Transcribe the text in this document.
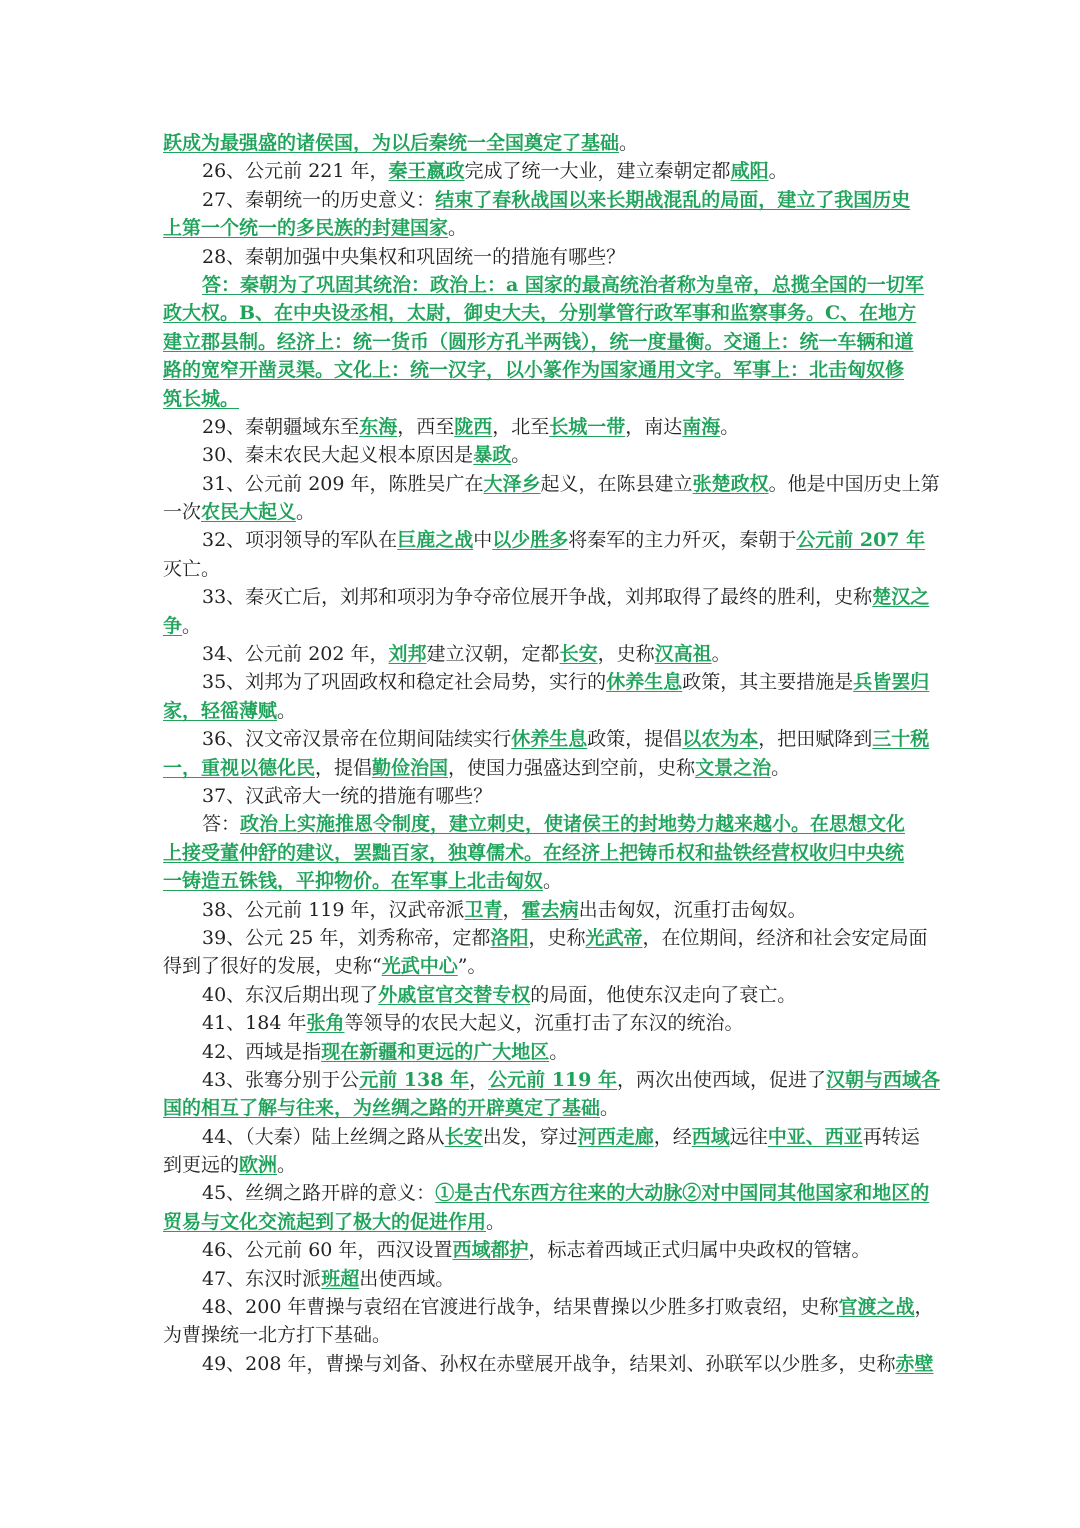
跃成为最强盛的诸侯国，为以后秦统一全国奠定了基础。
26、公元前 221 年，秦王嬴政完成了统一大业，建立秦朝定都咸阳。
27、秦朝统一的历史意义：结束了春秋战国以来长期战混乱的局面，建立了我国历史
上第一个统一的多民族的封建国家。
28、秦朝加强中央集权和巩固统一的措施有哪些？
答：秦朝为了巩固其统治：政治上：a 国家的最高统治者称为皇帝，总揽全国的一切军
政大权。B、在中央设丞相，太尉，御史大夫，分别掌管行政军事和监察事务。C、在地方
建立郡县制。经济上：统一货币（圆形方孔半两钱），统一度量衡。交通上：统一车辆和道
路的宽窄开凿灵渠。文化上：统一汉字，以小篆作为国家通用文字。军事上：北击匈奴修
筑长城。
29、秦朝疆域东至东海，西至陇西，北至长城一带，南达南海。
30、秦末农民大起义根本原因是暴政。
31、公元前 209 年，陈胜吴广在大泽乡起义，在陈县建立张楚政权。他是中国历史上第
一次农民大起义。
32、项羽领导的军队在巨鹿之战中以少胜多将秦军的主力歼灭，秦朝于公元前 207 年
灭亡。
33、秦灭亡后，刘邦和项羽为争夺帝位展开争战，刘邦取得了最终的胜利，史称楚汉之
争。
34、公元前 202 年，刘邦建立汉朝，定都长安，史称汉高祖。
35、刘邦为了巩固政权和稳定社会局势，实行的休养生息政策，其主要措施是兵皆罢归
家，轻徭薄赋。
36、汉文帝汉景帝在位期间陆续实行休养生息政策，提倡以农为本，把田赋降到三十税
一，重视以德化民，提倡勤俭治国，使国力强盛达到空前，史称文景之治。
37、汉武帝大一统的措施有哪些？
答：政治上实施推恩令制度，建立刺史，使诸侯王的封地势力越来越小。在思想文化
上接受董仲舒的建议，罢黜百家，独尊儒术。在经济上把铸币权和盐铁经营权收归中央统
一铸造五铢钱，平抑物价。在军事上北击匈奴。
38、公元前 119 年，汉武帝派卫青，霍去病出击匈奴，沉重打击匈奴。
39、公元 25 年，刘秀称帝，定都洛阳，史称光武帝，在位期间，经济和社会安定局面
得到了很好的发展，史称“光武中心”。
40、东汉后期出现了外戚宦官交替专权的局面，他使东汉走向了衰亡。
41、184 年张角等领导的农民大起义，沉重打击了东汉的统治。
42、西域是指现在新疆和更远的广大地区。
43、张骞分别于公元前 138 年，公元前 119 年，两次出使西域，促进了汉朝与西域各
国的相互了解与往来，为丝绸之路的开辟奠定了基础。
44、（大秦）陆上丝绸之路从长安出发，穿过河西走廊，经西域远往中亚、西亚再转运
到更远的欧洲。
45、丝绸之路开辟的意义：①是古代东西方往来的大动脉②对中国同其他国家和地区的
贸易与文化交流起到了极大的促进作用。
46、公元前 60 年，西汉设置西域都护，标志着西域正式归属中央政权的管辖。
47、东汉时派班超出使西域。
48、200 年曹操与袁绍在官渡进行战争，结果曹操以少胜多打败袁绍，史称官渡之战，
为曹操统一北方打下基础。
49、208 年，曹操与刘备、孙权在赤壁展开战争，结果刘、孙联军以少胜多，史称赤壁
